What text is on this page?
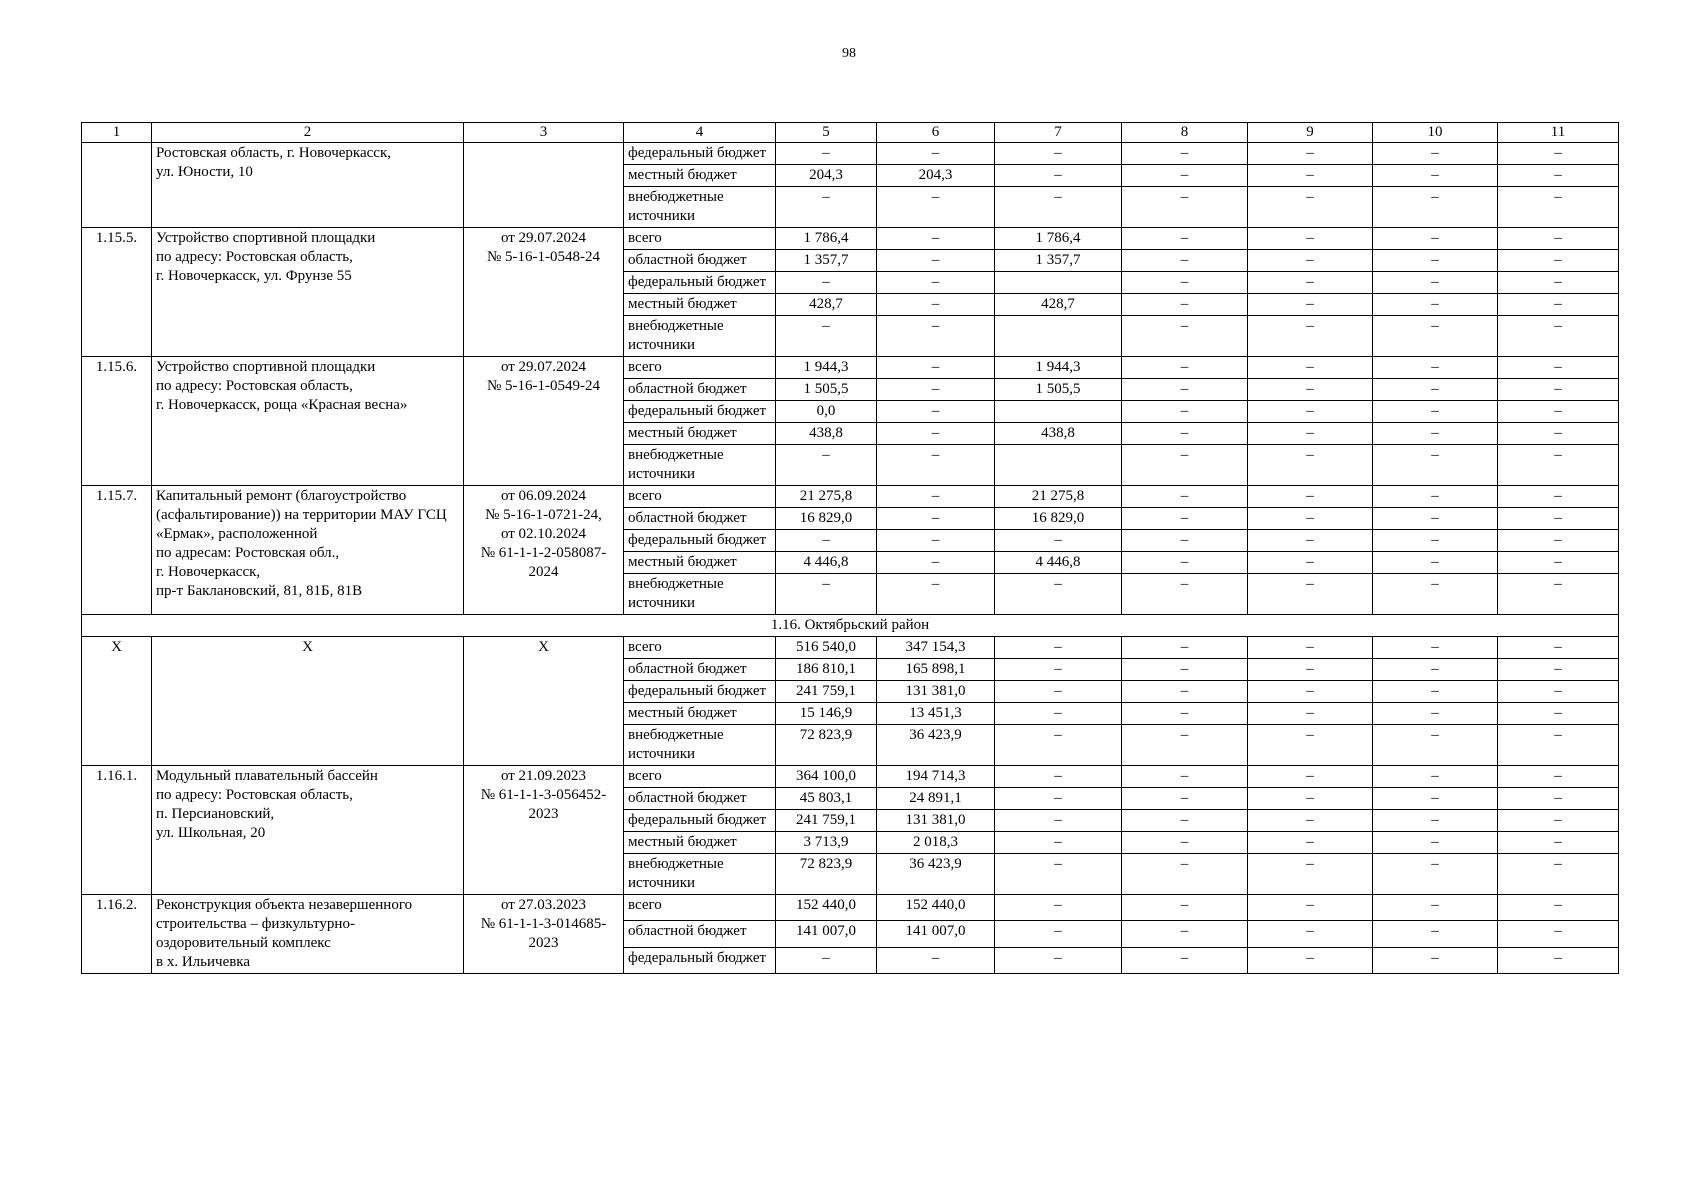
98
1	2	3	4	5	6	7	8	9	10	11
	Ростовская область, г. Новочеркасск,
ул. Юности, 10		федеральный бюджет	–	–	–	–	–	–	–
			местный бюджет	204,3	204,3	–	–	–	–	–
			внебюджетные источники	–	–	–	–	–	–	–
1.15.5.	Устройство спортивной площадки
по адресу: Ростовская область,
г. Новочеркасск, ул. Фрунзе 55	от 29.07.2024
№ 5-16-1-0548-24	всего	1 786,4	–	1 786,4	–	–	–	–
			областной бюджет	1 357,7	–	1 357,7	–	–	–	–
			федеральный бюджет	–	–		–	–	–	–
			местный бюджет	428,7	–	428,7	–	–	–	–
			внебюджетные источники	–	–		–	–	–	–
1.15.6.	Устройство спортивной площадки
по адресу: Ростовская область,
г. Новочеркасск, роща «Красная весна»	от 29.07.2024
№ 5-16-1-0549-24	всего	1 944,3	–	1 944,3	–	–	–	–
			областной бюджет	1 505,5	–	1 505,5	–	–	–	–
			федеральный бюджет	0,0	–		–	–	–	–
			местный бюджет	438,8	–	438,8	–	–	–	–
			внебюджетные источники	–	–		–	–	–	–
1.15.7.	Капитальный ремонт (благоустройство (асфальтирование)) на территории МАУ ГСЦ «Ермак», расположенной
по адресам: Ростовская обл.,
г. Новочеркасск,
пр-т Баклановский, 81, 81Б, 81В	от 06.09.2024
№ 5-16-1-0721-24,
от 02.10.2024
№ 61-1-1-2-058087-2024	всего	21 275,8	–	21 275,8	–	–	–	–
			областной бюджет	16 829,0	–	16 829,0	–	–	–	–
			федеральный бюджет	–	–	–	–	–	–	–
			местный бюджет	4 446,8	–	4 446,8	–	–	–	–
			внебюджетные источники	–	–	–	–	–	–	–
1.16. Октябрьский район										
X	X	X	всего	516 540,0	347 154,3	–	–	–	–	–
			областной бюджет	186 810,1	165 898,1	–	–	–	–	–
			федеральный бюджет	241 759,1	131 381,0	–	–	–	–	–
			местный бюджет	15 146,9	13 451,3	–	–	–	–	–
			внебюджетные источники	72 823,9	36 423,9	–	–	–	–	–
1.16.1.	Модульный плавательный бассейн
по адресу: Ростовская область,
п. Персиановский,
ул. Школьная, 20	от 21.09.2023
№ 61-1-1-3-056452-2023	всего	364 100,0	194 714,3	–	–	–	–	–
			областной бюджет	45 803,1	24 891,1	–	–	–	–	–
			федеральный бюджет	241 759,1	131 381,0	–	–	–	–	–
			местный бюджет	3 713,9	2 018,3	–	–	–	–	–
			внебюджетные источники	72 823,9	36 423,9	–	–	–	–	–
1.16.2.	Реконструкция объекта незавершенного строительства – физкультурно-оздоровительный комплекс
в х. Ильичевка	от 27.03.2023
№ 61-1-1-3-014685-2023	всего	152 440,0	152 440,0	–	–	–	–	–
			областной бюджет	141 007,0	141 007,0	–	–	–	–	–
			федеральный бюджет	–	–	–	–	–	–	–
